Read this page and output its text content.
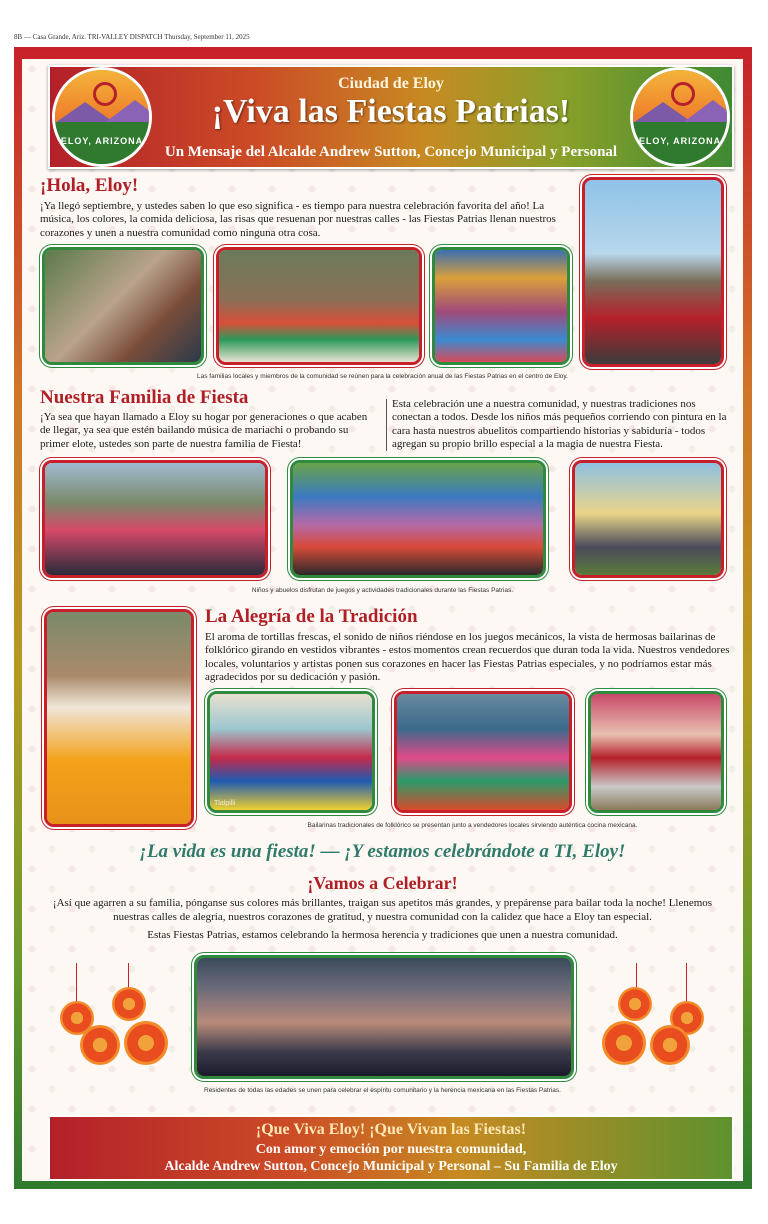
8B — Casa Grande, Ariz. TRI-VALLEY DISPATCH Thursday, September 11, 2025
ELOY, ARIZONA
Ciudad de Eloy
¡Viva las Fiestas Patrias!
Un Mensaje del Alcalde Andrew Sutton, Concejo Municipal y Personal
ELOY, ARIZONA
¡Hola, Eloy!
¡Ya llegó septiembre, y ustedes saben lo que eso significa - es tiempo para nuestra celebración favorita del año! La música, los colores, la comida deliciosa, las risas que resuenan por nuestras calles - las Fiestas Patrias llenan nuestros corazones y unen a nuestra comunidad como ninguna otra cosa.
Las familias locales y miembros de la comunidad se reúnen para la celebración anual de las Fiestas Patrias en el centro de Eloy.
Nuestra Familia de Fiesta
¡Ya sea que hayan llamado a Eloy su hogar por generaciones o que acaben de llegar, ya sea que estén bailando música de mariachi o probando su primer elote, ustedes son parte de nuestra familia de Fiesta!
Esta celebración une a nuestra comunidad, y nuestras tradiciones nos conectan a todos. Desde los niños más pequeños corriendo con pintura en la cara hasta nuestros abuelitos compartiendo historias y sabiduría - todos agregan su propio brillo especial a la magia de nuestra Fiesta.
Niños y abuelos disfrutan de juegos y actividades tradicionales durante las Fiestas Patrias.
La Alegría de la Tradición
El aroma de tortillas frescas, el sonido de niños riéndose en los juegos mecánicos, la vista de hermosas bailarinas de folklórico girando en vestidos vibrantes - estos momentos crean recuerdos que duran toda la vida. Nuestros vendedores locales, voluntarios y artistas ponen sus corazones en hacer las Fiestas Patrias especiales, y no podríamos estar más agradecidos por su dedicación y pasión.
Tlalpilli
Bailarinas tradicionales de folklórico se presentan junto a vendedores locales sirviendo auténtica cocina mexicana.
¡La vida es una fiesta! — ¡Y estamos celebrándote a TI, Eloy!
¡Vamos a Celebrar!
¡Así que agarren a su familia, pónganse sus colores más brillantes, traigan sus apetitos más grandes, y prepárense para bailar toda la noche! Llenemos nuestras calles de alegría, nuestros corazones de gratitud, y nuestra comunidad con la calidez que hace a Eloy tan especial.
Estas Fiestas Patrias, estamos celebrando la hermosa herencia y tradiciones que unen a nuestra comunidad.
Residentes de todas las edades se unen para celebrar el espíritu comunitario y la herencia mexicana en las Fiestas Patrias.
¡Que Viva Eloy! ¡Que Vivan las Fiestas!
Con amor y emoción por nuestra comunidad,
Alcalde Andrew Sutton, Concejo Municipal y Personal – Su Familia de Eloy
